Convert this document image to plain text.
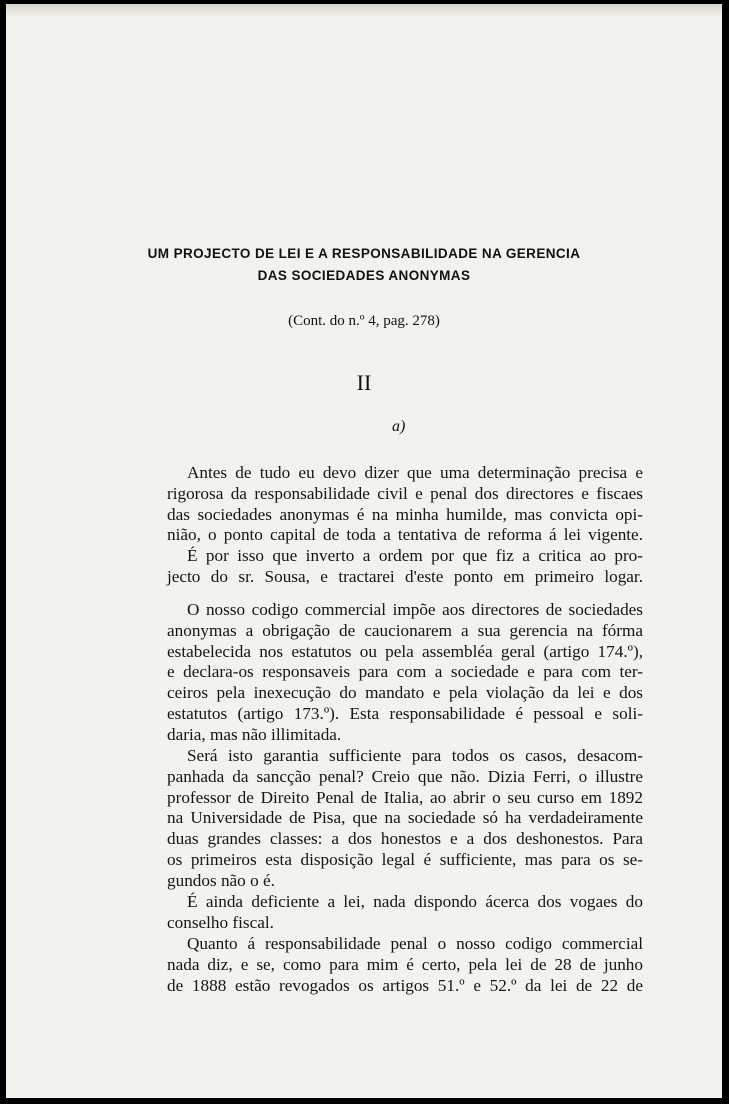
UM PROJECTO DE LEI E A RESPONSABILIDADE NA GERENCIA
DAS SOCIEDADES ANONYMAS
(Cont. do n.º 4, pag. 278)
II
a)
Antes de tudo eu devo dizer que uma determinação precisa e
rigorosa da responsabilidade civil e penal dos directores e fiscaes
das sociedades anonymas é na minha humilde, mas convicta opi-
nião, o ponto capital de toda a tentativa de reforma á lei vigente.
É por isso que inverto a ordem por que fiz a critica ao pro-
jecto do sr. Sousa, e tractarei d'este ponto em primeiro logar.
O nosso codigo commercial impõe aos directores de sociedades
anonymas a obrigação de caucionarem a sua gerencia na fórma
estabelecida nos estatutos ou pela assembléa geral (artigo 174.º),
e declara-os responsaveis para com a sociedade e para com ter-
ceiros pela inexecução do mandato e pela violação da lei e dos
estatutos (artigo 173.º). Esta responsabilidade é pessoal e soli-
daria, mas não illimitada.
Será isto garantia sufficiente para todos os casos, desacom-
panhada da sancção penal? Creio que não. Dizia Ferri, o illustre
professor de Direito Penal de Italia, ao abrir o seu curso em 1892
na Universidade de Pisa, que na sociedade só ha verdadeiramente
duas grandes classes: a dos honestos e a dos deshonestos. Para
os primeiros esta disposição legal é sufficiente, mas para os se-
gundos não o é.
É ainda deficiente a lei, nada dispondo ácerca dos vogaes do
conselho fiscal.
Quanto á responsabilidade penal o nosso codigo commercial
nada diz, e se, como para mim é certo, pela lei de 28 de junho
de 1888 estão revogados os artigos 51.º e 52.º da lei de 22 de
